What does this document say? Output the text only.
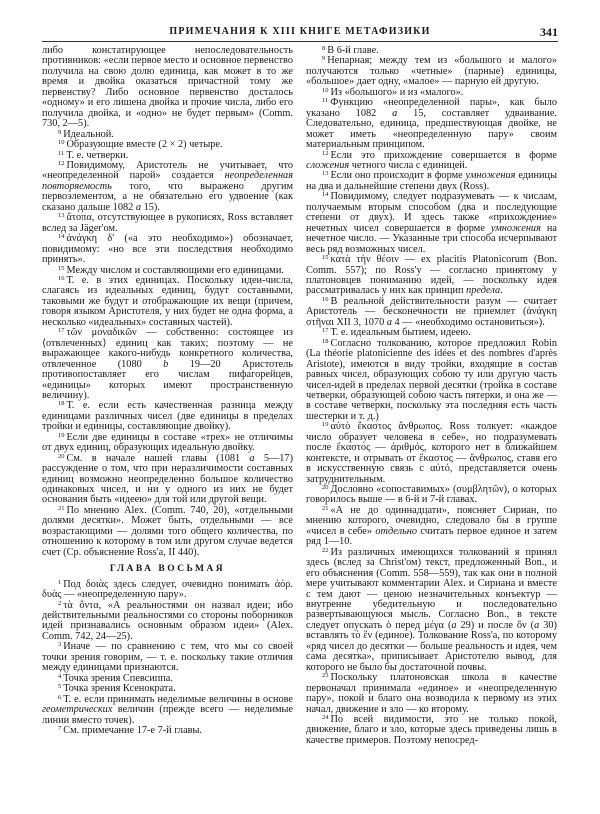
ПРИМЕЧАНИЯ К XIII КНИГЕ МЕТАФИЗИКИ	341

либо констатирующее непоследовательность противников: «если первое место и основное первенство получила на свою долю единица, как может в то же время и двойка оказаться причастной тому же первенству? Либо основное первенство досталось «одному» и его лишена двойка и прочие числа, либо его получила двойка, и «одно» не будет первым» (Comm. 730, 2—5).

$^9$ Идеальной.

$^{10}$ Образующие вместе (2 × 2) четыре.

$^{11}$ Т. е. четверки.

$^{12}$ Повидимому, Аристотель не учитывает, что «неопределенной парой» создается неопределенная повторяемость того, что выражено другим первоэлементом, а не обязательно его удвоение (как сказано дальше 1082 a 15).

$^{13}$ ἄτοπα, отсутствующее в рукописях, Ross вставляет вслед за Jäger'ом.

$^{14}$ ἀνάγκη δ' («а это необходимо») обозначает, повидимому: «но все эти последствия необходимо принять».

$^{15}$ Между числом и составляющими его единицами.

$^{16}$ Т. е. в этих единицах. Поскольку идеи-числа, слагаясь из идеальных единиц, будут составными, таковыми же будут и отображающие их вещи (причем, говоря языком Аристотеля, у них будет не одна форма, а несколько «идеальных» составных частей).

$^{17}$ τῶν μοναδικῶν — собственно: состоящее из ⟨отвлеченных⟩ единиц как таких; поэтому — не выражающее какого-нибудь конкретного количества, отвлеченное (1080 b 19—20 Аристотель противопоставляет его числам пифагорейцев, «единицы» которых имеют пространственную величину).

$^{18}$ Т. е. если есть качественная разница между единицами различных чисел (две единицы в пределах тройки и единицы, составляющие двойку).

$^{19}$ Если две единицы в составе «трех» не отличимы от двух единиц, образующих идеальную двойку.

$^{20}$ См. в начале нашей главы (1081 a 5—17) рассуждение о том, что при неразличимости составных единиц возможно неопределенно большое количество одинаковых чисел, и ни у одного из них не будет основания быть «идеею» для той или другой вещи.

$^{21}$ По мнению Alex. (Comm. 740, 20), «отдельными долями десятки». Может быть, отдельными — все возрастающими — долями того общего количества, по отношению к которому в том или другом случае ведется счет (Ср. объяснение Ross'a, II 440).

ГЛАВА ВОСЬМАЯ

$^1$ Под δοιὰς здесь следует, очевидно понимать ἀόρ. δυὰς — «неопределенную пару».

$^2$ τὰ ὄντα, «А реальностями он назвал идеи; ибо действительными реальностями со стороны поборников идей признавались основным образом идеи» (Alex. Comm. 742, 24—25).

$^3$ Иначе — по сравнению с тем, что мы со своей точки зрения говорим, — т. е. поскольку такие отличия между единицами признаются.

$^4$ Точка зрения Спевсиппа.

$^5$ Точка зрения Ксенократа.

$^6$ Т. е. если принимать неделимые величины в основе геометрических величин (прежде всего — неделимые линии вместо точек).

$^7$ См. примечание 17-е 7-й главы.

$^8$ В 6-й главе.

$^9$ Непарная; между тем из «большого и малого» получаются только «четные» (парные) единицы, «большое» дает одну, «малое» — парную ей другую.

$^{10}$ Из «большого» и из «малого».

$^{11}$ Функцию «неопределенной пары», как было указано 1082 a 15, составляет удваивание. Следовательно, единица, предшествующая двойке, не может иметь «неопределенную пару» своим материальным принципом.

$^{12}$ Если это прихождение совершается в форме сложения четного числа с единицей.

$^{13}$ Если оно происходит в форме умножения единицы на два и дальнейшие степени двух (Ross).

$^{14}$ Повидимому, следует подразумевать — к числам, получаемым вторым способом (два и последующие степени от двух). И здесь также «прихождение» нечетных чисел совершается в форме умножения на нечетное число. — Указанные три способа исчерпывают весь ряд возможных чисел.

$^{15}$ κατὰ τὴν θέσιν — ex placitis Platonicorum (Bon. Comm. 557); по Ross'y — согласно принятому у платоновцев пониманию идей, — поскольку идея рассматривалась у них как принцип предела.

$^{16}$ В реальной действительности разум — считает Аристотель — бесконечности не приемлет (ἀνάγκη στῆναι XII 3, 1070 a 4 — «необходимо остановиться»).

$^{17}$ Т. е. идеальным бытием, идеею.

$^{18}$ Согласно толкованию, которое предложил Robin (La théorie platonicienne des idées et des nombres d'après Aristote), имеются в виду тройки, входящие в состав равных чисел, образующих собою ту или другую часть чисел-идей в пределах первой десятки (тройка в составе четверки, образующей собою часть пятерки, и она же — в составе четверки, поскольку эта последняя есть часть шестерки и т. д.)

$^{19}$ αὐτὸ ἕκαστος ἄνθρωπος. Ross толкует: «каждое число образует человека в себе», но подразумевать после ἕκαστος — ἀριθμός, которого нет в ближайшем контексте, и отрывать от ἕκαστος — ἄνθρωπος, ставя его в искусственную связь с αὐτό, представляется очень затруднительным.

$^{20}$ Дословно «сопоставимых» (συμβλητῶν), о которых говорилось выше — в 6-й и 7-й главах.

$^{21}$ «А не до одиннадцати», поясняет Сириан, по мнению которого, очевидно, следовало бы в группе «чисел в себе» отдельно считать первое единое и затем ряд 1—10.

$^{22}$ Из различных имеющихся толкований я принял здесь (вслед за Christ'ом) текст, предложенный Bon., и его объяснения (Comm. 558—559), так как они в полной мере учитывают комментарии Alex. и Сириана и вместе с тем дают — ценою незначительных конъектур — внутренне убедительную и последовательно развертывающуюся мысль. Согласно Bon., в тексте следует опускать ὁ перед μέγα (a 29) и после ὄν (a 30) вставлять τὸ ἕν (единое). Толкование Ross'a, по которому «ряд чисел до десятки — больше реальность и идея, чем сама десятка», приписывает Аристотелю вывод, для которого не было бы достаточной почвы.

$^{23}$ Поскольку платоновская школа в качестве первоначал принимала «единое» и «неопределенную пару», покой и благо она возводила к первому из этих начал, движение и зло — ко второму.

$^{24}$ По всей видимости, это не только покой, движение, благо и зло, которые здесь приведены лишь в качестве примеров. Поэтому непосред-
